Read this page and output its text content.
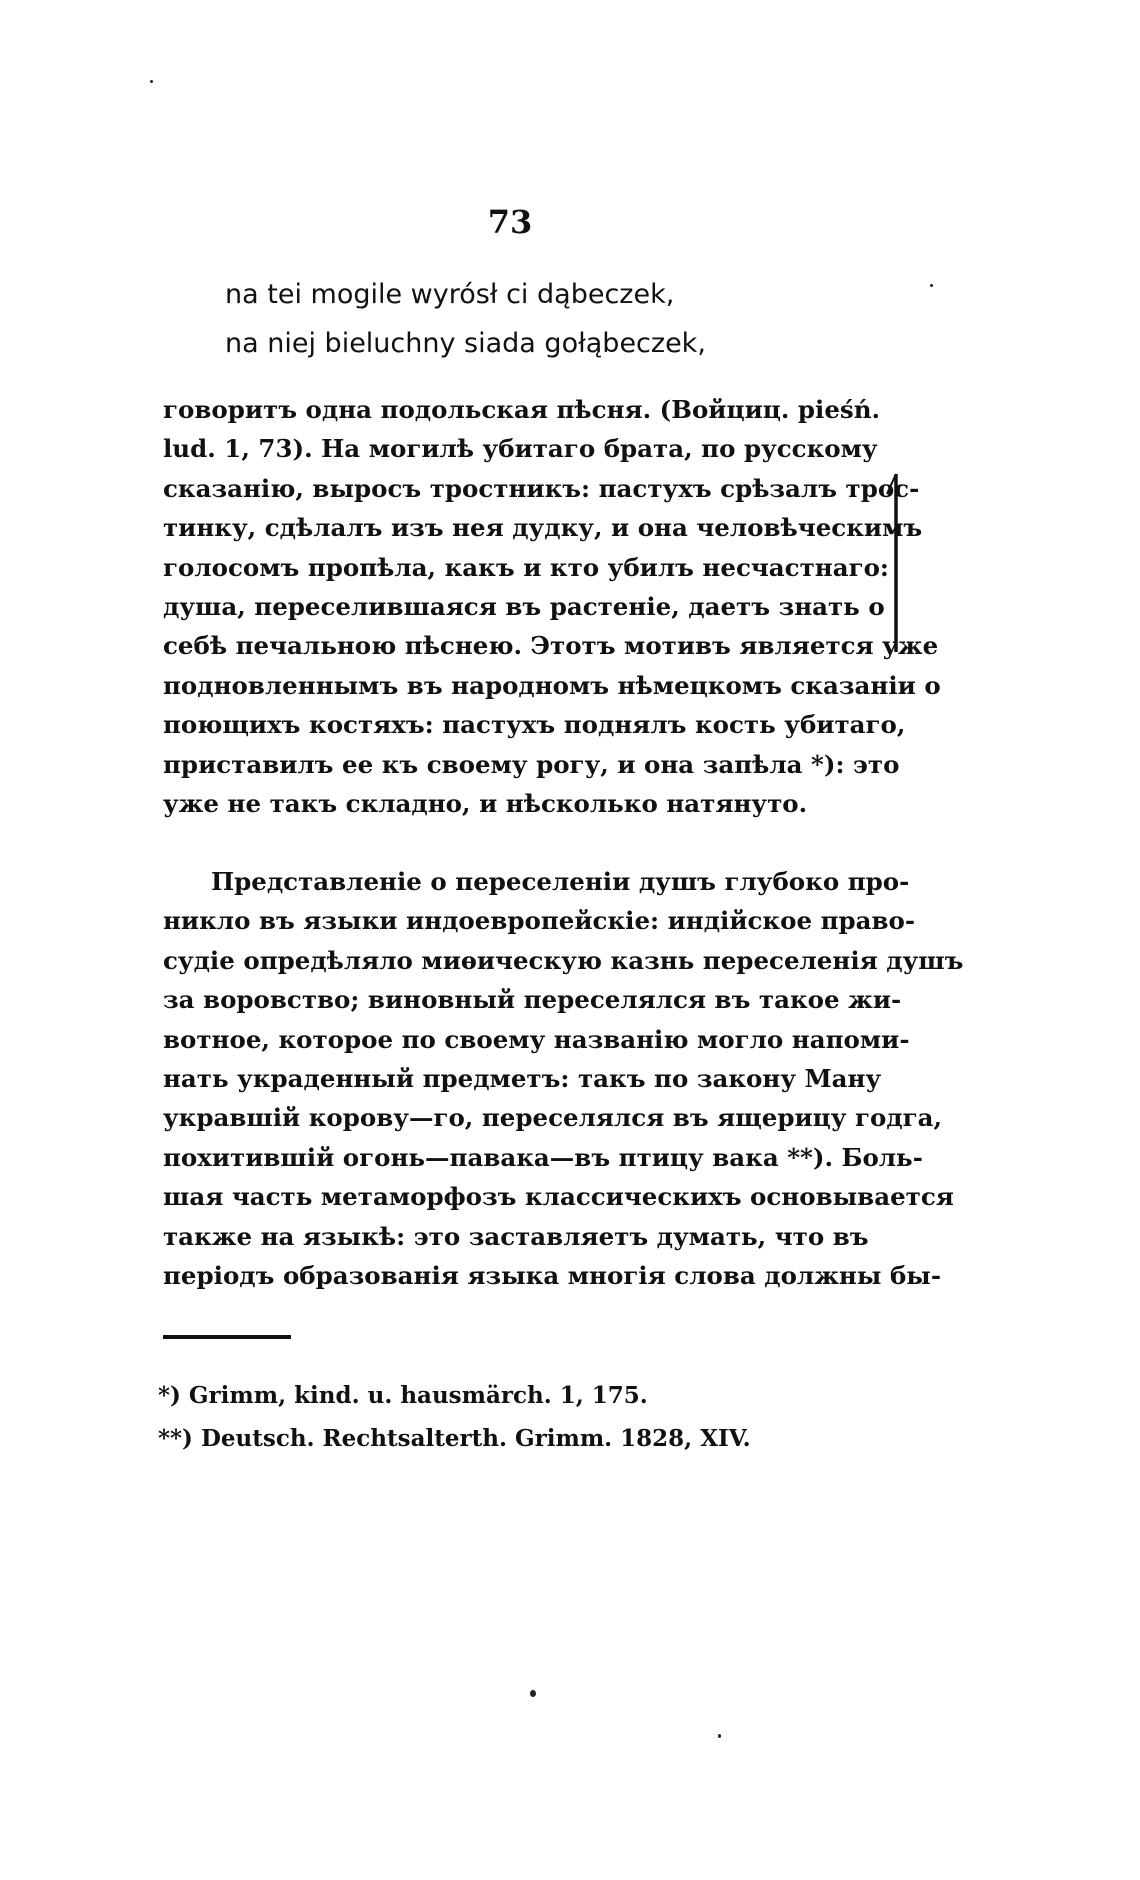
73
na tei mogile wyrósł ci dąbeczek,
na niej bieluchny siada gołąbeczek,
говоритъ одна подольская пѣсня. (Войциц. pieśń.
lud. 1, 73). На могилѣ убитаго брата, по русскому
сказанію, выросъ тростникъ: пастухъ срѣзалъ трос-
тинку, сдѣлалъ изъ нея дудку, и она человѣческимъ
голосомъ пропѣла, какъ и кто убилъ несчастнаго:
душа, переселившаяся въ растеніе, даетъ знать о
себѣ печальною пѣснею. Этотъ мотивъ является уже
подновленнымъ въ народномъ нѣмецкомъ сказаніи о
поющихъ костяхъ: пастухъ поднялъ кость убитаго,
приставилъ ее къ своему рогу, и она запѣла *): это
уже не такъ складно, и нѣсколько натянуто.
Представленіе о переселеніи душъ глубоко про-
никло въ языки индоевропейскіе: индійское право-
судіе опредѣляло миѳическую казнь переселенія душъ
за воровство; виновный переселялся въ такое жи-
вотное, которое по своему названію могло напоми-
нать украденный предметъ: такъ по закону Ману
укравшій корову—го, переселялся въ ящерицу годга,
похитившій огонь—павака—въ птицу вака **). Боль-
шая часть метаморфозъ классическихъ основывается
также на языкѣ: это заставляетъ думать, что въ
періодъ образованія языка многія слова должны бы-
*) Grimm, kind. u. hausmärch. 1, 175.
**) Deutsch. Rechtsalterth. Grimm. 1828, XIV.
